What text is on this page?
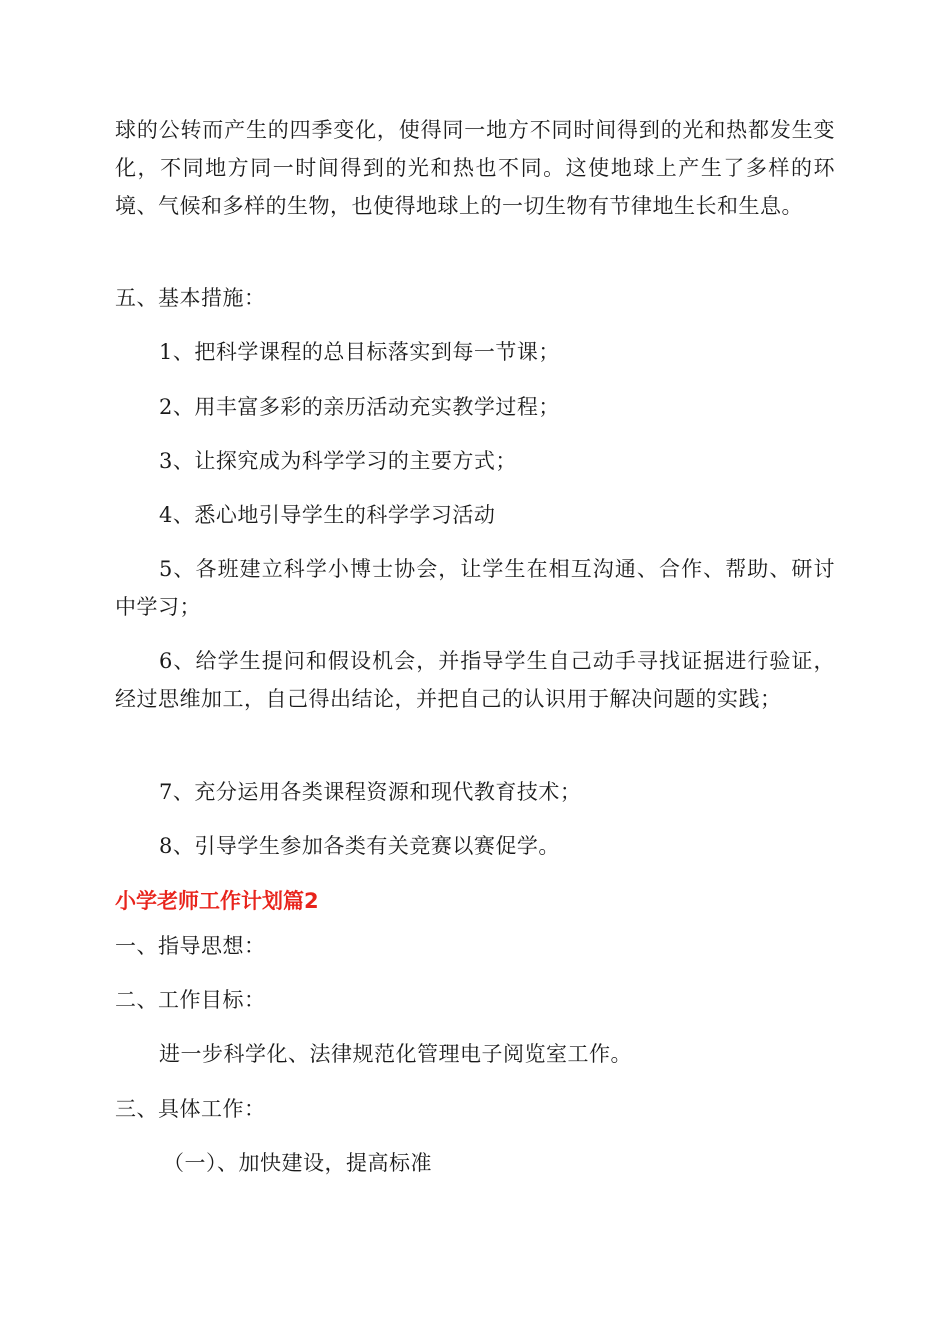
球的公转而产生的四季变化，使得同一地方不同时间得到的光和热都发生变化，不同地方同一时间得到的光和热也不同。这使地球上产生了多样的环境、气候和多样的生物，也使得地球上的一切生物有节律地生长和生息。

五、基本措施：

1、把科学课程的总目标落实到每一节课；

2、用丰富多彩的亲历活动充实教学过程；

3、让探究成为科学学习的主要方式；

4、悉心地引导学生的科学学习活动

5、各班建立科学小博士协会，让学生在相互沟通、合作、帮助、研讨中学习；

6、给学生提问和假设机会，并指导学生自己动手寻找证据进行验证，经过思维加工，自己得出结论，并把自己的认识用于解决问题的实践；

7、充分运用各类课程资源和现代教育技术；

8、引导学生参加各类有关竞赛以赛促学。

小学老师工作计划篇2

一、指导思想：

二、工作目标：

进一步科学化、法律规范化管理电子阅览室工作。

三、具体工作：

（一）、加快建设，提高标准
